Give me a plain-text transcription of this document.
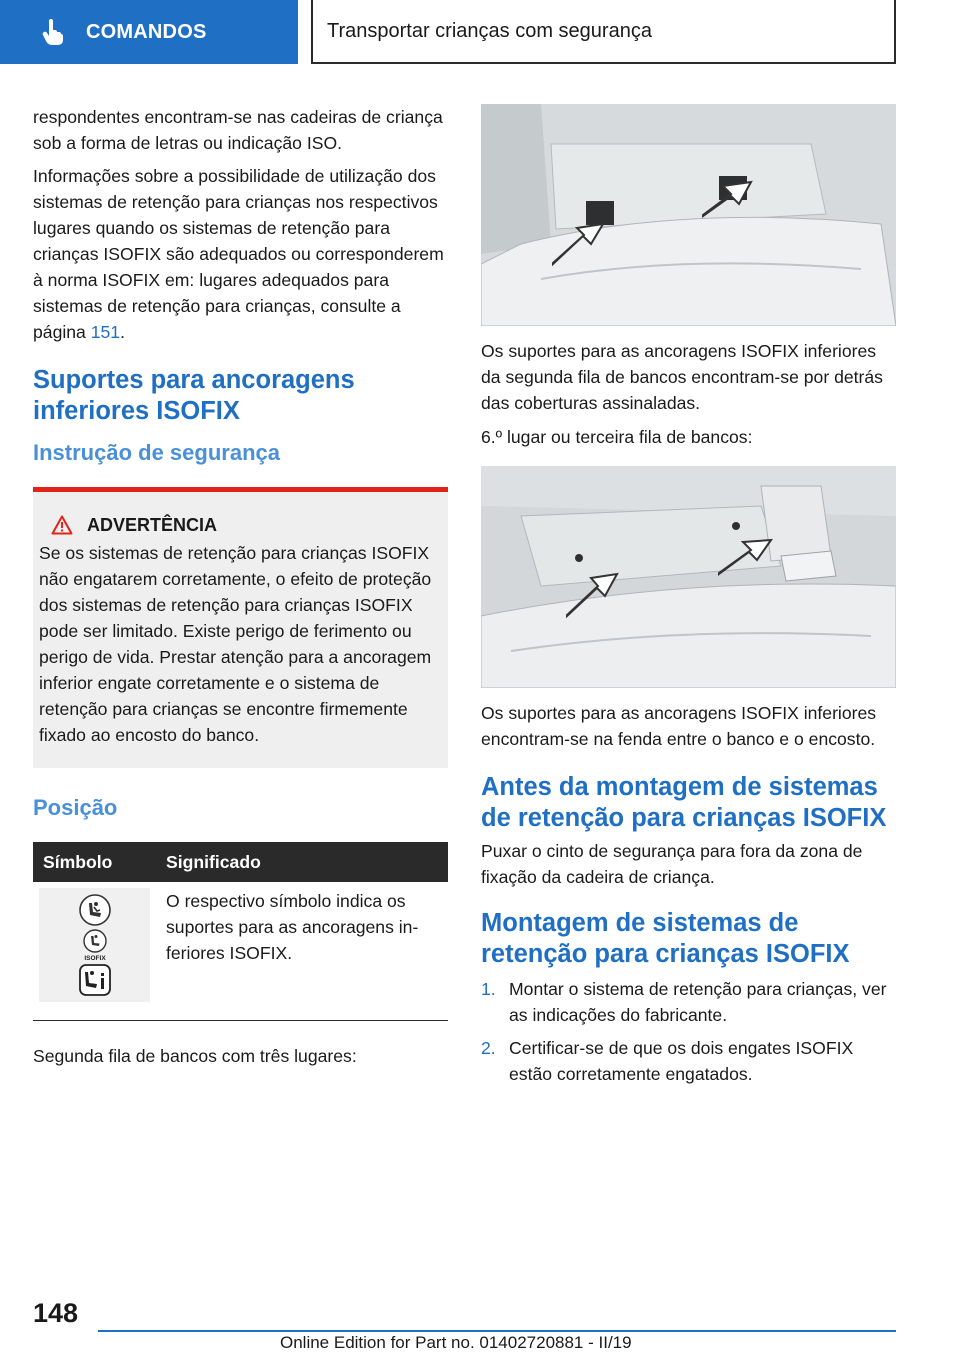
COMANDOS	Transportar crianças com segurança

respondentes encontram-se nas cadeiras de criança sob a forma de letras ou indicação ISO.

Informações sobre a possibilidade de utilização dos sistemas de retenção para crianças nos respectivos lugares quando os sistemas de retenção para crianças ISOFIX são adequados ou corresponderem à norma ISOFIX em: lugares adequados para sistemas de retenção para crianças, consulte a página 151.

Suportes para ancoragens inferiores ISOFIX
Instrução de segurança
ADVERTÊNCIA

Se os sistemas de retenção para crianças ISOFIX não engatarem corretamente, o efeito de proteção dos sistemas de retenção para crianças ISOFIX pode ser limitado. Existe perigo de ferimento ou perigo de vida. Prestar atenção para a ancoragem inferior engate corretamente e o sistema de retenção para crianças se encontre firmemente fixado ao encosto do banco.

Posição
Símbolo	Significado

ISOFIX	O respectivo símbolo indica os suportes para as ancoragens inferiores ISOFIX.

Segunda fila de bancos com três lugares:

Os suportes para as ancoragens ISOFIX inferiores da segunda fila de bancos encontram-se por detrás das coberturas assinaladas.

6.º lugar ou terceira fila de bancos:

Os suportes para as ancoragens ISOFIX inferiores encontram-se na fenda entre o banco e o encosto.

Antes da montagem de sistemas de retenção para crianças ISOFIX

Puxar o cinto de segurança para fora da zona de fixação da cadeira de criança.

Montagem de sistemas de retenção para crianças ISOFIX
1. Montar o sistema de retenção para crianças, ver as indicações do fabricante.
2. Certificar-se de que os dois engates ISOFIX estão corretamente engatados.
148
Online Edition for Part no. 01402720881 - II/19
